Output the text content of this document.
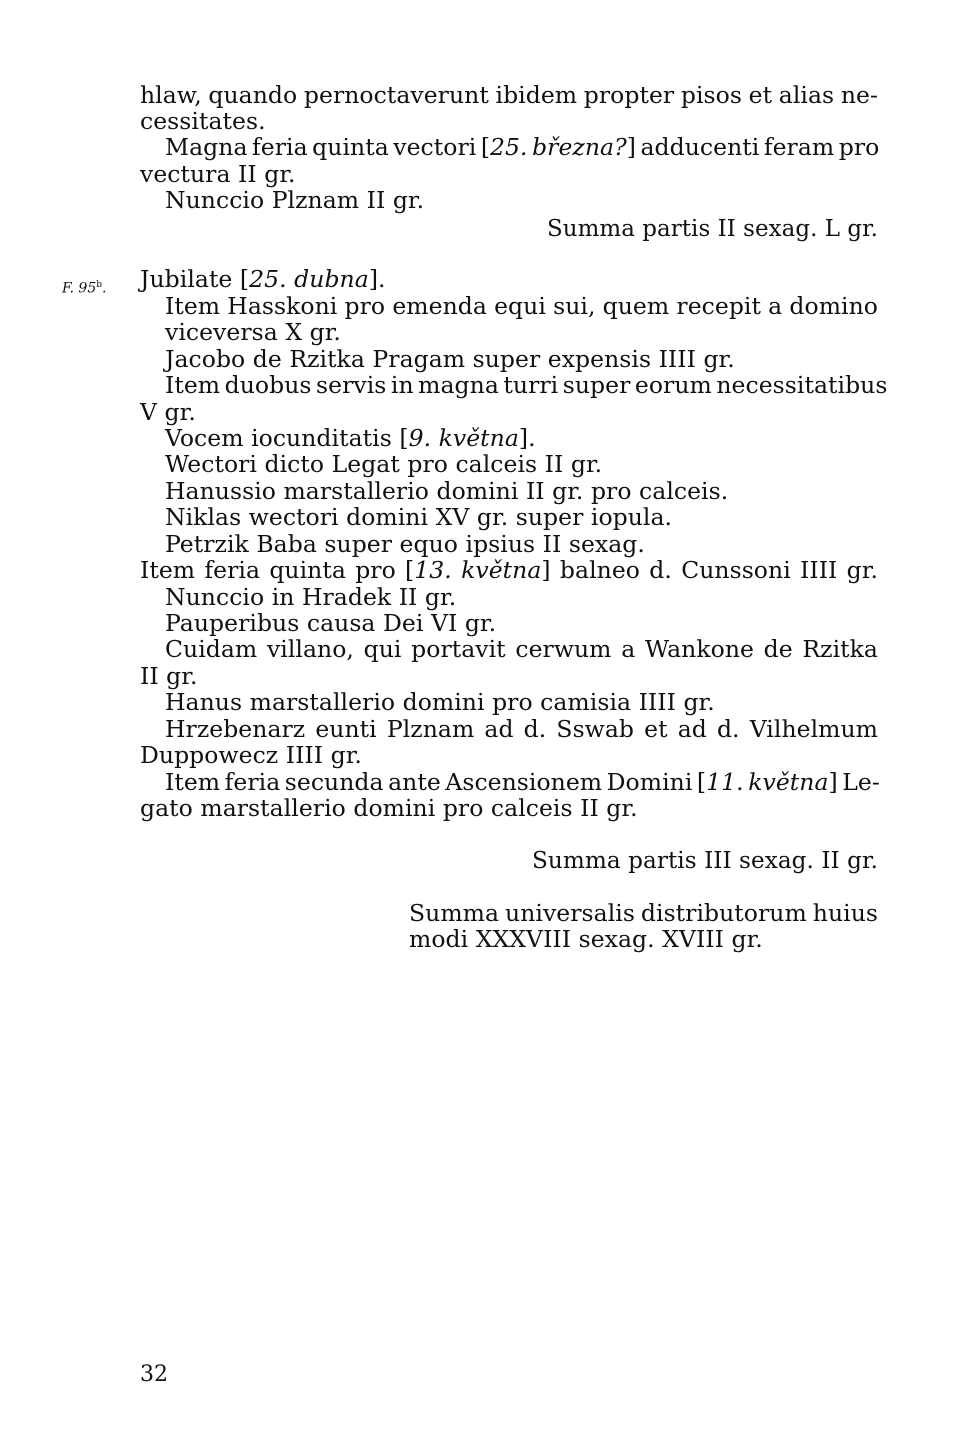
hlaw, quando pernoctaverunt ibidem propter pisos et alias ne-
cessitates.
Magna feria quinta vectori [25. března?] adducenti feram pro
vectura II gr.
Nunccio Plznam II gr.
Summa partis II sexag. L gr.
Jubilate [25. dubna].
Item Hasskoni pro emenda equi sui, quem recepit a domino
viceversa X gr.
Jacobo de Rzitka Pragam super expensis IIII gr.
Item duobus servis in magna turri super eorum necessitatibus
V gr.
Vocem iocunditatis [9. května].
Wectori dicto Legat pro calceis II gr.
Hanussio marstallerio domini II gr. pro calceis.
Niklas wectori domini XV gr. super iopula.
Petrzik Baba super equo ipsius II sexag.
Item feria quinta pro [13. května] balneo d. Cunssoni IIII gr.
Nunccio in Hradek II gr.
Pauperibus causa Dei VI gr.
Cuidam villano, qui portavit cerwum a Wankone de Rzitka
II gr.
Hanus marstallerio domini pro camisia IIII gr.
Hrzebenarz eunti Plznam ad d. Sswab et ad d. Vilhelmum
Duppowecz IIII gr.
Item feria secunda ante Ascensionem Domini [11. května] Le-
gato marstallerio domini pro calceis II gr.
Summa partis III sexag. II gr.
Summa universalis distributorum huius
modi XXXVIII sexag. XVIII gr.
F. 95$^b$.
32
